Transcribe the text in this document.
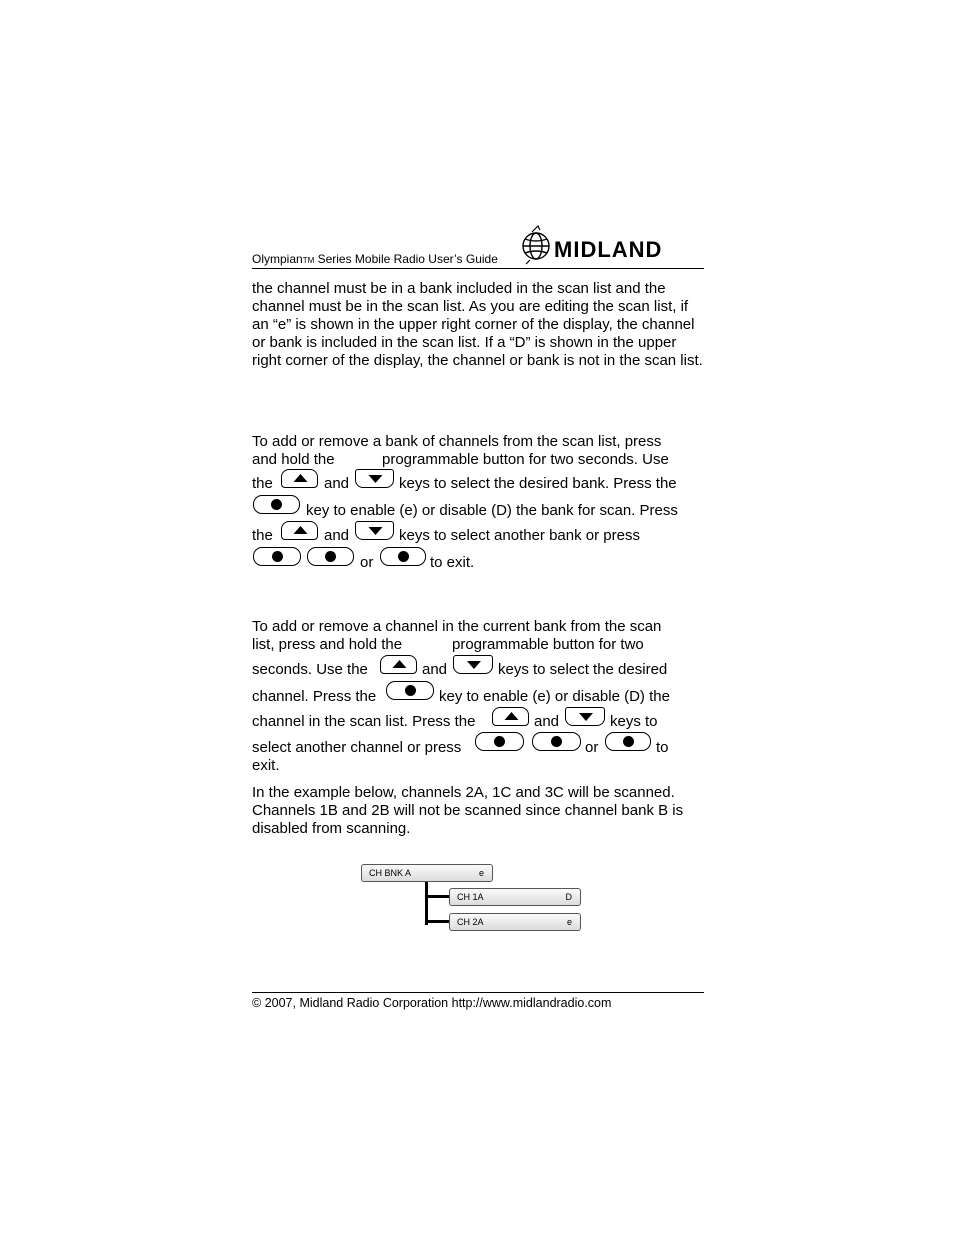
OlympianTM Series Mobile Radio User’s Guide	MIDLAND
the channel must be in a bank included in the scan list and the channel must be in the scan list. As you are editing the scan list, if an “e” is shown in the upper right corner of the display, the channel or bank is included in the scan list. If a “D” is shown in the upper right corner of the display, the channel or bank is not in the scan list.
To add or remove a bank of channels from the scan list, press
and hold the	programmable button for two seconds. Use
the	and	keys to select the desired bank. Press the
key to enable (e) or disable (D) the bank for scan. Press
the	and	keys to select another bank or press
or	to exit.
To add or remove a channel in the current bank from the scan
list, press and hold the	programmable button for two
seconds. Use the	and	keys to select the desired
channel. Press the	key to enable (e) or disable (D) the
channel in the scan list. Press the	and	keys to
select another channel or press	or	to
exit.
In the example below, channels 2A, 1C and 3C will be scanned. Channels 1B and 2B will not be scanned since channel bank B is disabled from scanning.
CH BNK A	e
CH 1A	D
CH 2A	e
© 2007, Midland Radio Corporation http://www.midlandradio.com
